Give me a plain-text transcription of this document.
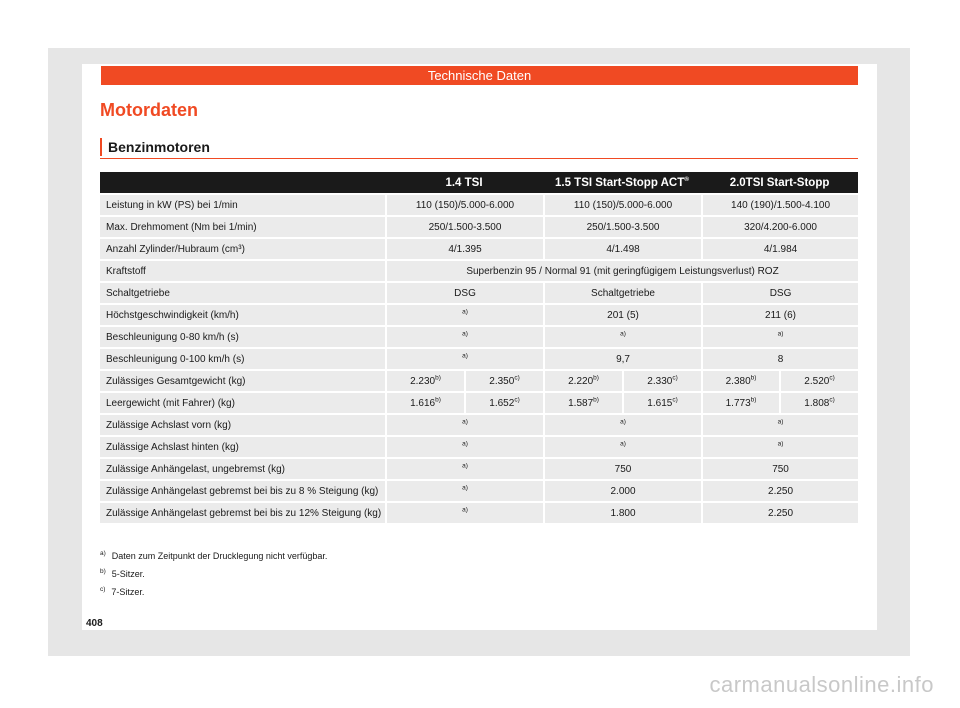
Technische Daten
Motordaten
Benzinmotoren
	1.4 TSI		1.5 TSI Start-Stopp ACT®		2.0TSI Start-Stopp	
Leistung in kW (PS) bei 1/min	110 (150)/5.000-6.000		110 (150)/5.000-6.000		140 (190)/1.500-4.100	
Max. Drehmoment (Nm bei 1/min)	250/1.500-3.500		250/1.500-3.500		320/4.200-6.000	
Anzahl Zylinder/Hubraum (cm³)	4/1.395		4/1.498		4/1.984	
Kraftstoff	Superbenzin 95 / Normal 91 (mit geringfügigem Leistungsverlust) ROZ					
Schaltgetriebe	DSG		Schaltgetriebe		DSG	
Höchstgeschwindigkeit (km/h)	$^{a)}$		201 (5)		211 (6)	
Beschleunigung 0-80 km/h (s)	$^{a)}$		$^{a)}$		$^{a)}$
Beschleunigung 0-100 km/h (s)	$^{a)}$		9,7		8	
Zulässiges Gesamtgewicht (kg)	2.230$^{b)}$	2.350$^{c)}$	2.220$^{b)}$	2.330$^{c)}$	2.380$^{b)}$	2.520$^{c)}$
Leergewicht (mit Fahrer) (kg)	1.616$^{b)}$	1.652$^{c)}$	1.587$^{b)}$	1.615$^{c)}$	1.773$^{b)}$	1.808$^{c)}$
Zulässige Achslast vorn (kg)	$^{a)}$		$^{a)}$		$^{a)}$
Zulässige Achslast hinten (kg)	$^{a)}$		$^{a)}$		$^{a)}$
Zulässige Anhängelast, ungebremst (kg)	$^{a)}$		750		750	
Zulässige Anhängelast gebremst bei bis zu 8 % Steigung (kg)	$^{a)}$		2.000		2.250	
Zulässige Anhängelast gebremst bei bis zu 12% Steigung (kg)	$^{a)}$		1.800		2.250	
$^{a)}$ Daten zum Zeitpunkt der Drucklegung nicht verfügbar.
$^{b)}$ 5-Sitzer.
$^{c)}$ 7-Sitzer.
408
carmanualsonline.info
